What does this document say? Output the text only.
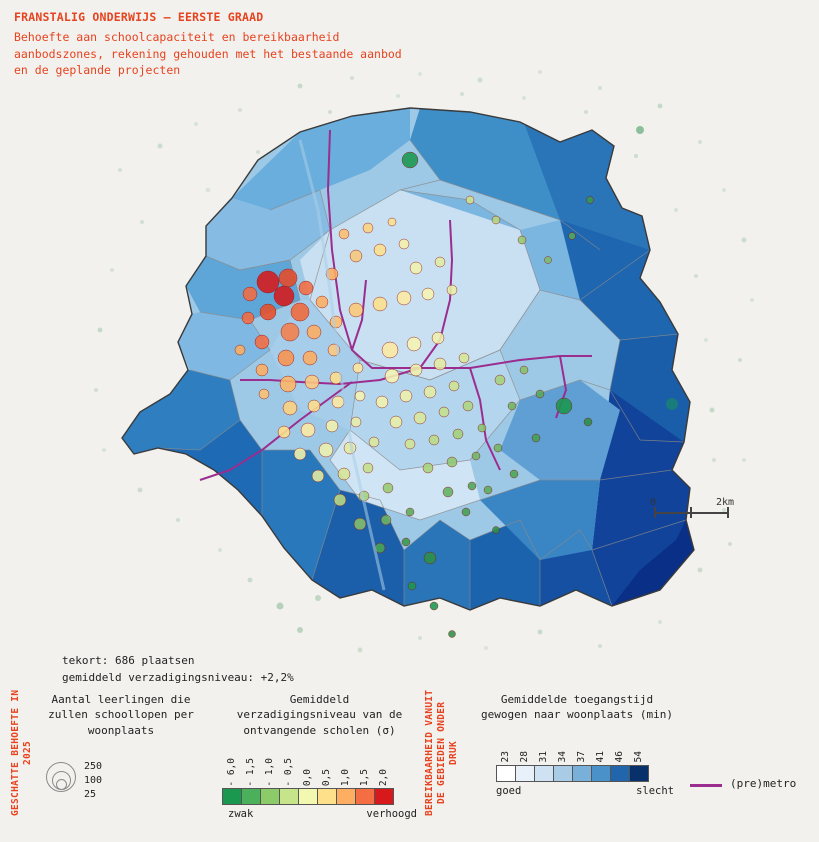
FRANSTALIG ONDERWIJS – EERSTE GRAAD
Behoefte aan schoolcapaciteit en bereikbaarheid
aanbodszones, rekening gehouden met het bestaande aanbod
en de geplande projecten
0	2km
tekort: 686 plaatsen
gemiddeld verzadigingsniveau: +2,2%
GESCHATTE BEHOEFTE IN 2025	BEREIKBAARHEID VANUIT DE GEBIEDEN ONDER DRUK
Aantal leerlingen die
zullen schoollopen per
woonplaats
250
100
25
Gemiddeld
verzadigingsniveau van de
ontvangende scholen (σ)
- 6,0 - 1,5 - 1,0 - 0,5 0,0 0,5 1,0 1,5 2,0
zwak	verhoogd
Gemiddelde toegangstijd
gewogen naar woonplaats (min)
23 28 31 34 37 41 46 54
goed	slecht
(pre)metro
